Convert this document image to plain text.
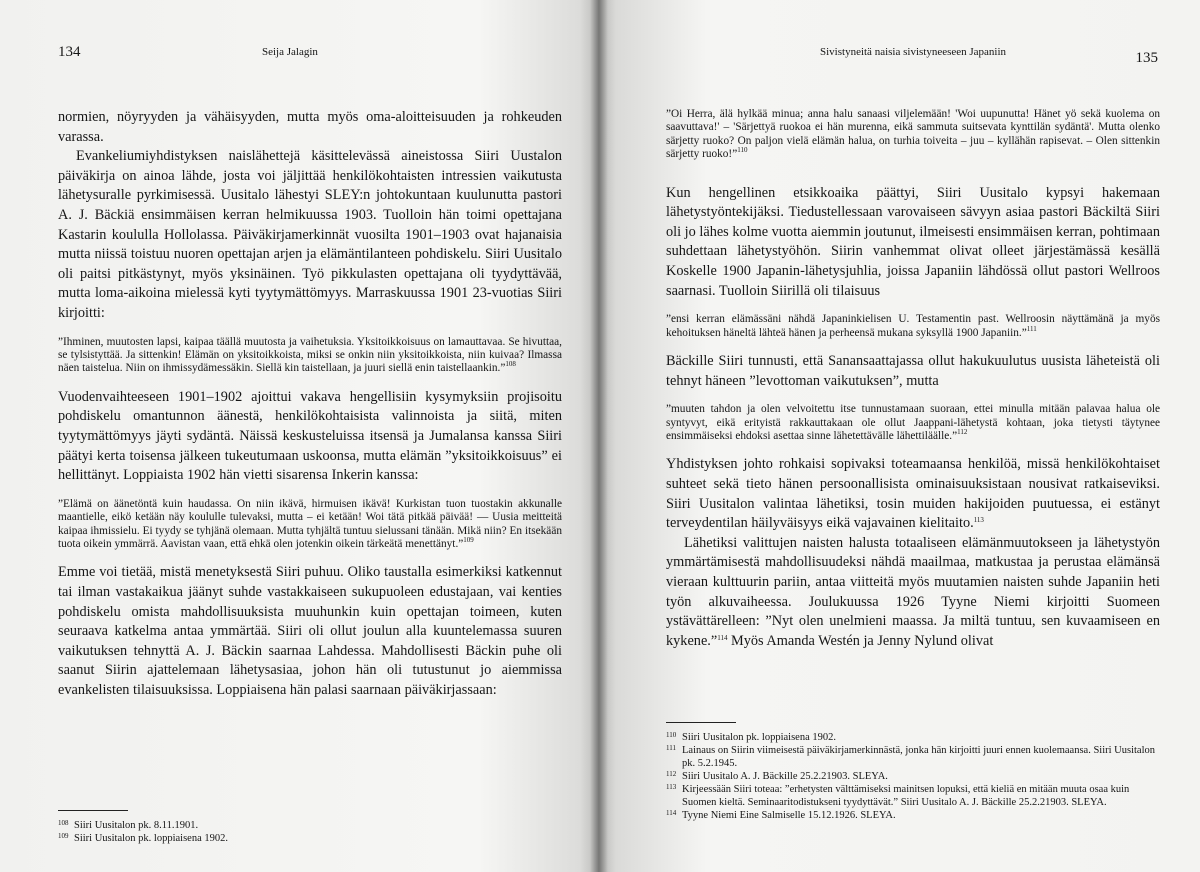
134	Seija Jalagin

normien, nöyryyden ja vähäisyyden, mutta myös oma-aloitteisuuden ja rohkeuden varassa.

Evankeliumiyhdistyksen naislähettejä käsittelevässä aineistossa Siiri Uustalon päiväkirja on ainoa lähde, josta voi jäljittää henkilökohtaisten intressien vaikutusta lähetysuralle pyrkimisessä. Uusitalo lähestyi SLEY:n johtokuntaan kuulunutta pastori A. J. Bäckiä ensimmäisen kerran helmikuussa 1903. Tuolloin hän toimi opettajana Kastarin koululla Hollolassa. Päiväkirjamerkinnät vuosilta 1901–1903 ovat hajanaisia mutta niissä toistuu nuoren opettajan arjen ja elämäntilanteen pohdiskelu. Siiri Uusitalo oli paitsi pitkästynyt, myös yksinäinen. Työ pikkulasten opettajana oli tyydyttävää, mutta loma-aikoina mielessä kyti tyytymättömyys. Marraskuussa 1901 23-vuotias Siiri kirjoitti:

”Ihminen, muutosten lapsi, kaipaa täällä muutosta ja vaihetuksia. Yksitoikkoisuus on lamauttavaa. Se hivuttaa, se tylsistyttää. Ja sittenkin! Elämän on yksitoikkoista, miksi se onkin niin yksitoikkoista, niin kuivaa? Ilmassa näen taistelua. Niin on ihmissydämessäkin. Siellä kin taistellaan, ja juuri siellä enin taistellaankin.”$^{108}$

Vuodenvaihteeseen 1901–1902 ajoittui vakava hengellisiin kysymyksiin projisoitu pohdiskelu omantunnon äänestä, henkilökohtaisista valinnoista ja siitä, miten tyytymättömyys jäyti sydäntä. Näissä keskusteluissa itsensä ja Jumalansa kanssa Siiri päätyi kerta toisensa jälkeen tukeutumaan uskoonsa, mutta elämän ”yksitoikkoisuus” ei hellittänyt. Loppiaista 1902 hän vietti sisarensa Inkerin kanssa:

”Elämä on äänetöntä kuin haudassa. On niin ikävä, hirmuisen ikävä! Kurkistan tuon tuostakin akkunalle maantielle, eikö ketään näy koululle tulevaksi, mutta – ei ketään! Woi tätä pitkää päivää! — Uusia meitteitä kaipaa ihmissielu. Ei tyydy se tyhjänä olemaan. Mutta tyhjältä tuntuu sielussani tänään. Mikä niin? En itsekään tuota oikein ymmärrä. Aavistan vaan, että ehkä olen jotenkin oikein tärkeätä menettänyt.”$^{109}$

Emme voi tietää, mistä menetyksestä Siiri puhuu. Oliko taustalla esimerkiksi katkennut tai ilman vastakaikua jäänyt suhde vastakkaiseen sukupuoleen edustajaan, vai kenties pohdiskelu omista mahdollisuuksista muuhunkin kuin opettajan toimeen, kuten seuraava katkelma antaa ymmärtää. Siiri oli ollut joulun alla kuuntelemassa suuren vaikutuksen tehnyttä A. J. Bäckin saarnaa Lahdessa. Mahdollisesti Bäckin puhe oli saanut Siirin ajattelemaan lähetysasiaa, johon hän oli tutustunut jo aiemmissa evankelisten tilaisuuksissa. Loppiaisena hän palasi saarnaan päiväkirjassaan:

108 Siiri Uusitalon pk. 8.11.1901.
109 Siiri Uusitalon pk. loppiaisena 1902.
Sivistyneitä naisia sivistyneeseen Japaniin	135
”Oi Herra, älä hylkää minua; anna halu sanaasi viljelemään! 'Woi uupunutta! Hänet yö sekä kuolema on saavuttava!' – 'Särjettyä ruokoa ei hän murenna, eikä sammuta suitsevata kynttilän sydäntä'. Mutta olenko särjetty ruoko? On paljon vielä elämän halua, on turhia toiveita – juu – kyllähän rapisevat. – Olen sittenkin särjetty ruoko!”$^{110}$

Kun hengellinen etsikkoaika päättyi, Siiri Uusitalo kypsyi hakemaan lähetystyöntekijäksi. Tiedustellessaan varovaiseen sävyyn asiaa pastori Bäckiltä Siiri oli jo lähes kolme vuotta aiemmin joutunut, ilmeisesti ensimmäisen kerran, pohtimaan suhdettaan lähetystyöhön. Siirin vanhemmat olivat olleet järjestämässä kesällä Koskelle 1900 Japanin-lähetysjuhlia, joissa Japaniin lähdössä ollut pastori Wellroos saarnasi. Tuolloin Siirillä oli tilaisuus

”ensi kerran elämässäni nähdä Japaninkielisen U. Testamentin past. Wellroosin näyttämänä ja myös kehoituksen häneltä lähteä hänen ja perheensä mukana syksyllä 1900 Japaniin.”$^{111}$

Bäckille Siiri tunnusti, että Sanansaattajassa ollut hakukuulutus uusista läheteistä oli tehnyt häneen ”levottoman vaikutuksen”, mutta

”muuten tahdon ja olen velvoitettu itse tunnustamaan suoraan, ettei minulla mitään palavaa halua ole syntyvyt, eikä erityistä rakkauttakaan ole ollut Jaappani-lähetystä kohtaan, joka tietysti täytynee ensimmäiseksi ehdoksi asettaa sinne lähetettävälle lähettiläälle.”$^{112}$

Yhdistyksen johto rohkaisi sopivaksi toteamaansa henkilöä, missä henkilökohtaiset suhteet sekä tieto hänen persoonallisista ominaisuuksistaan nousivat ratkaiseviksi. Siiri Uusitalon valintaa lähetiksi, tosin muiden hakijoiden puutuessa, ei estänyt terveydentilan häilyväisyys eikä vajavainen kielitaito.$^{113}$

Lähetiksi valittujen naisten halusta totaaliseen elämänmuutokseen ja lähetystyön ymmärtämisestä mahdollisuudeksi nähdä maailmaa, matkustaa ja perustaa elämänsä vieraan kulttuurin pariin, antaa viitteitä myös muutamien naisten suhde Japaniin heti työn alkuvaiheessa. Joulukuussa 1926 Tyyne Niemi kirjoitti Suomeen ystävättärelleen: ”Nyt olen unelmieni maassa. Ja miltä tuntuu, sen kuvaamiseen en kykene.”$^{114}$ Myös Amanda Westén ja Jenny Nylund olivat

110 Siiri Uusitalon pk. loppiaisena 1902.
111 Lainaus on Siirin viimeisestä päiväkirjamerkinnästä, jonka hän kirjoitti juuri ennen kuolemaansa. Siiri Uusitalon pk. 5.2.1945.
112 Siiri Uusitalo A. J. Bäckille 25.2.21903. SLEYA.
113 Kirjeessään Siiri toteaa: ”erhetysten välttämiseksi mainitsen lopuksi, että kieliä en mitään muuta osaa kuin Suomen kieltä. Seminaaritodistukseni tyydyttävät.” Siiri Uusitalo A. J. Bäckille 25.2.21903. SLEYA.
114 Tyyne Niemi Eine Salmiselle 15.12.1926. SLEYA.
